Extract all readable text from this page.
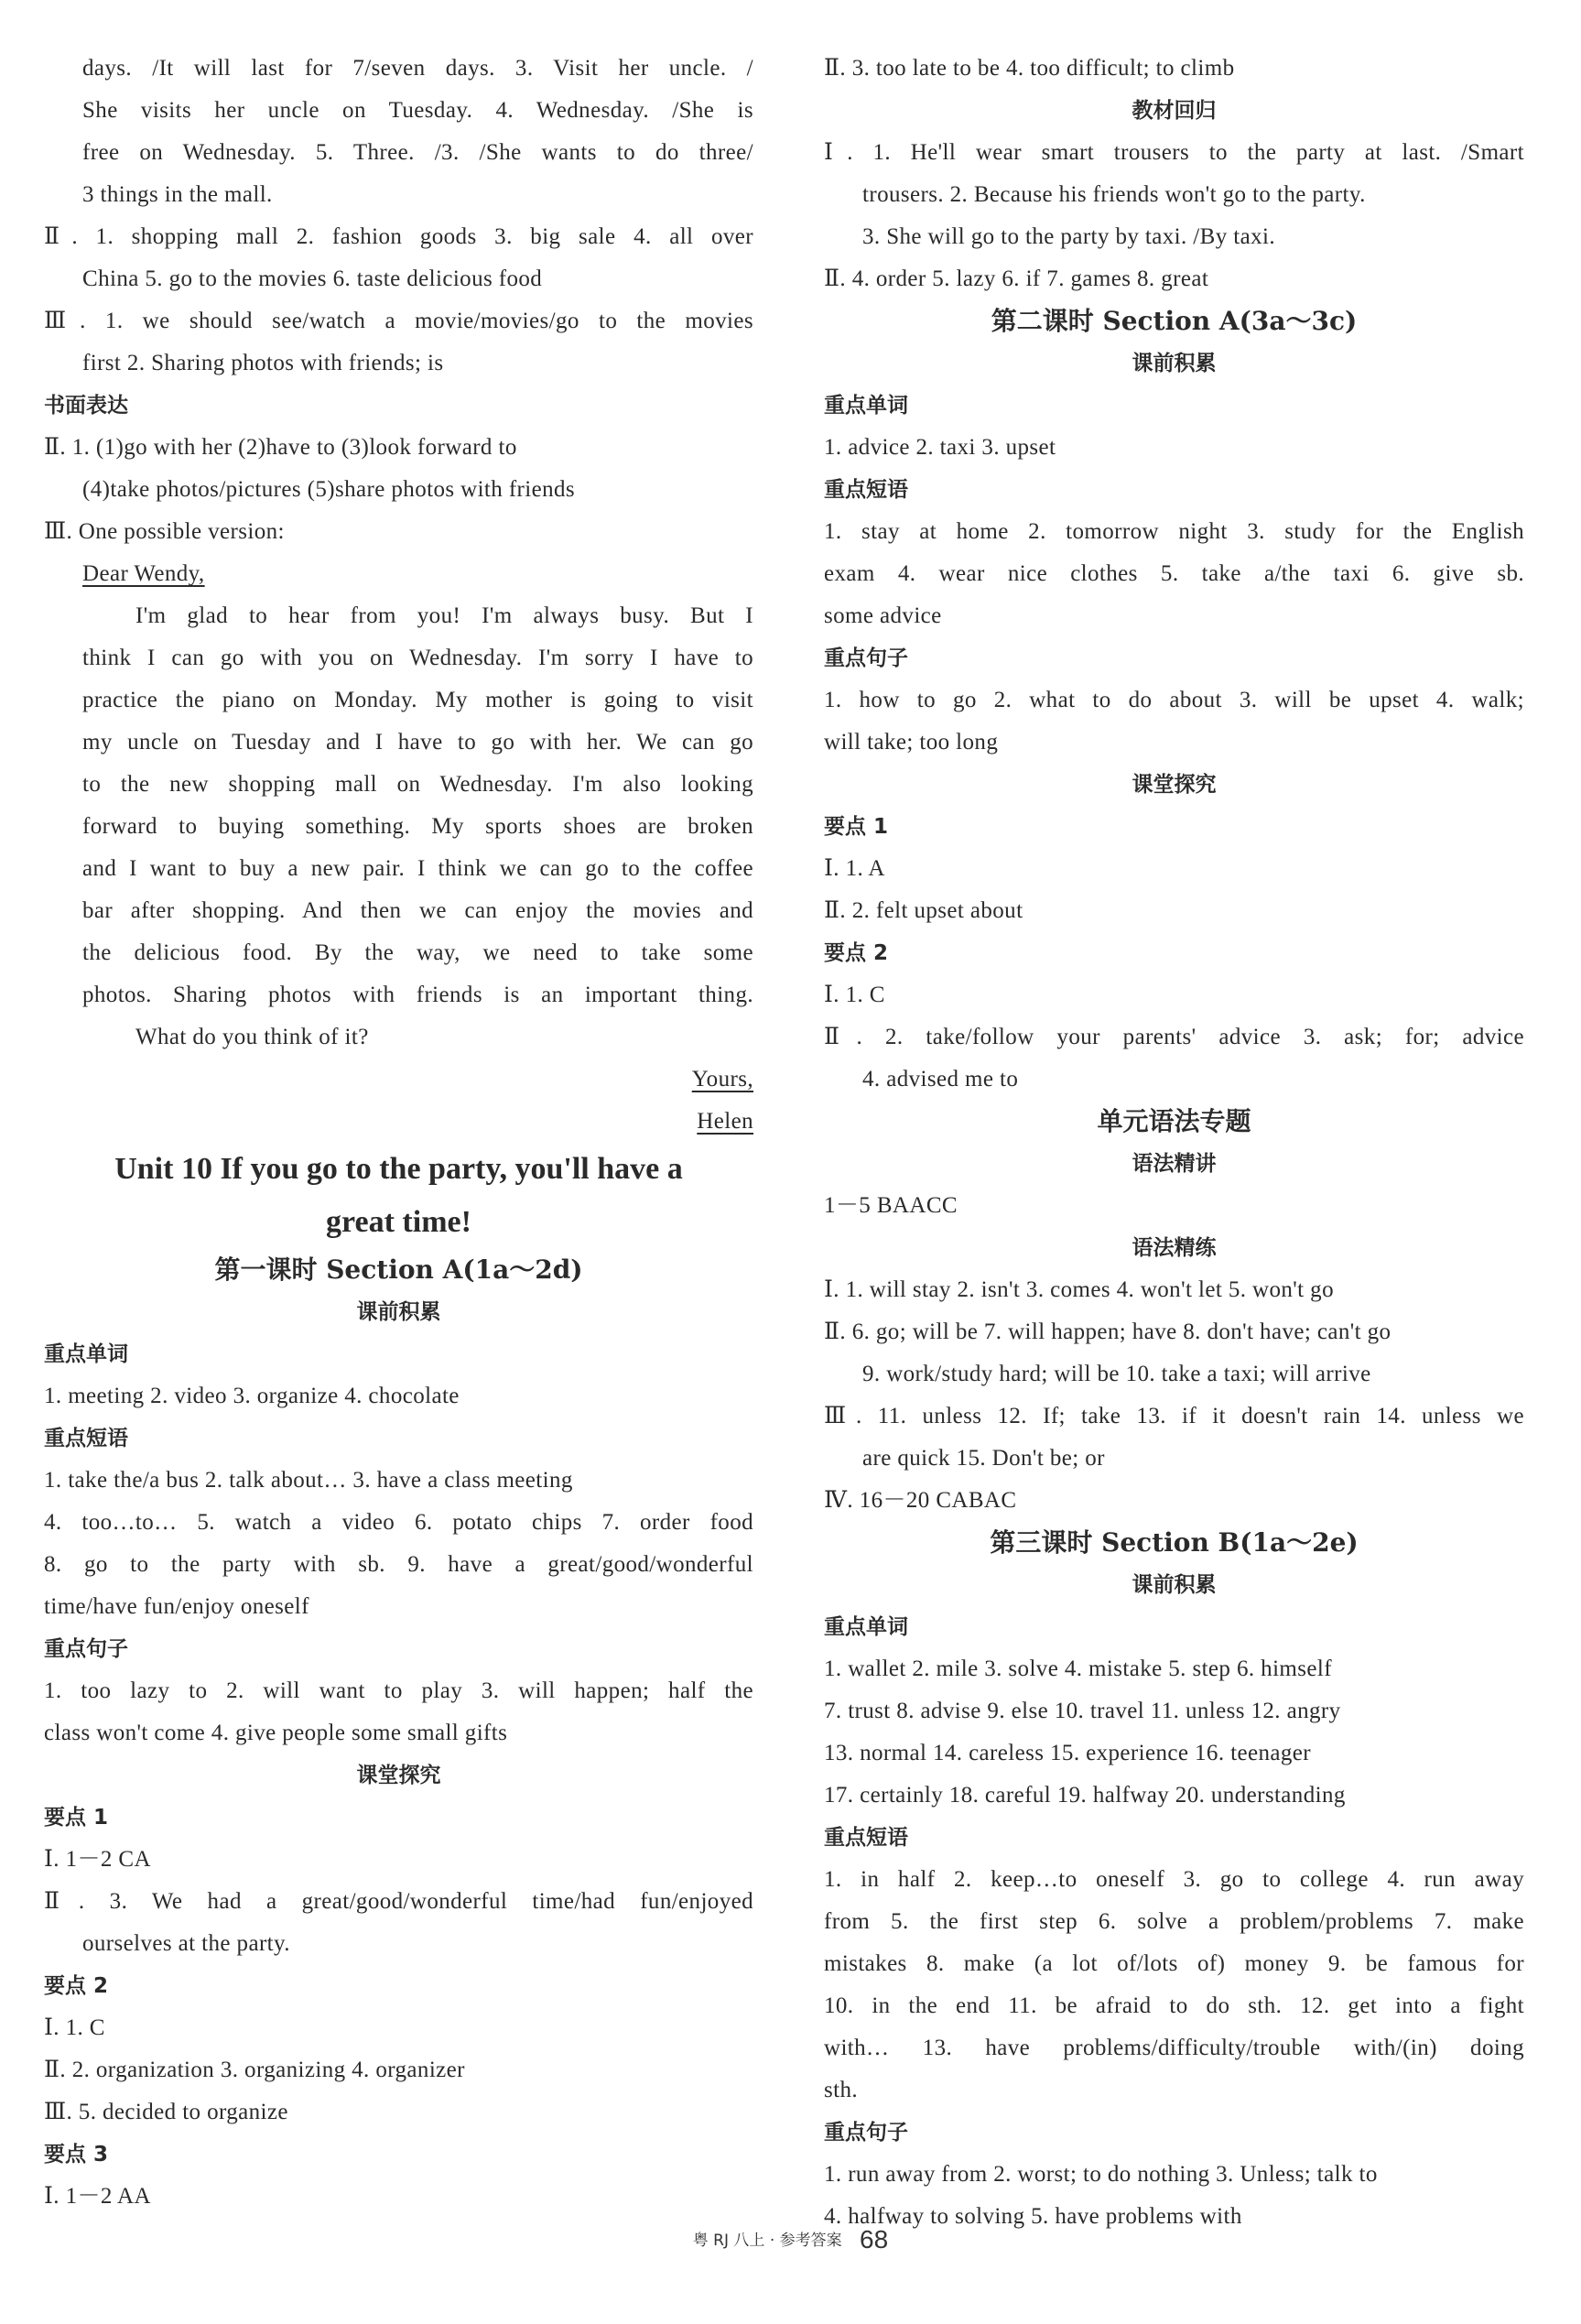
days. /It will last for 7/seven days. 3. Visit her uncle. /
She visits her uncle on Tuesday. 4. Wednesday. /She is
free on Wednesday. 5. Three. /3. /She wants to do three/
3 things in the mall.
Ⅱ. 1. shopping mall 2. fashion goods 3. big sale 4. all over
China 5. go to the movies 6. taste delicious food
Ⅲ. 1. we should see/watch a movie/movies/go to the movies
first 2. Sharing photos with friends; is
书面表达
Ⅱ. 1. (1)go with her (2)have to (3)look forward to
(4)take photos/pictures (5)share photos with friends
Ⅲ. One possible version:
Dear Wendy,
I'm glad to hear from you! I'm always busy. But I
think I can go with you on Wednesday. I'm sorry I have to
practice the piano on Monday. My mother is going to visit
my uncle on Tuesday and I have to go with her. We can go
to the new shopping mall on Wednesday. I'm also looking
forward to buying something. My sports shoes are broken
and I want to buy a new pair. I think we can go to the coffee
bar after shopping. And then we can enjoy the movies and
the delicious food. By the way, we need to take some
photos. Sharing photos with friends is an important thing.
What do you think of it?
Yours,
Helen
Unit 10 If you go to the party, you'll have a
great time!
第一课时 Section A(1a～2d)
课前积累
重点单词
1. meeting 2. video 3. organize 4. chocolate
重点短语
1. take the/a bus 2. talk about… 3. have a class meeting
4. too…to… 5. watch a video 6. potato chips 7. order food
8. go to the party with sb. 9. have a great/good/wonderful
time/have fun/enjoy oneself
重点句子
1. too lazy to 2. will want to play 3. will happen; half the
class won't come 4. give people some small gifts
课堂探究
要点 1
Ⅰ. 1－2 CA
Ⅱ. 3. We had a great/good/wonderful time/had fun/enjoyed
ourselves at the party.
要点 2
Ⅰ. 1. C
Ⅱ. 2. organization 3. organizing 4. organizer
Ⅲ. 5. decided to organize
要点 3
Ⅰ. 1－2 AA
Ⅱ. 3. too late to be 4. too difficult; to climb
教材回归
Ⅰ. 1. He'll wear smart trousers to the party at last. /Smart
trousers. 2. Because his friends won't go to the party.
3. She will go to the party by taxi. /By taxi.
Ⅱ. 4. order 5. lazy 6. if 7. games 8. great
第二课时 Section A(3a～3c)
课前积累
重点单词
1. advice 2. taxi 3. upset
重点短语
1. stay at home 2. tomorrow night 3. study for the English
exam 4. wear nice clothes 5. take a/the taxi 6. give sb.
some advice
重点句子
1. how to go 2. what to do about 3. will be upset 4. walk;
will take; too long
课堂探究
要点 1
Ⅰ. 1. A
Ⅱ. 2. felt upset about
要点 2
Ⅰ. 1. C
Ⅱ. 2. take/follow your parents' advice 3. ask; for; advice
4. advised me to
单元语法专题
语法精讲
1－5 BAACC
语法精练
Ⅰ. 1. will stay 2. isn't 3. comes 4. won't let 5. won't go
Ⅱ. 6. go; will be 7. will happen; have 8. don't have; can't go
9. work/study hard; will be 10. take a taxi; will arrive
Ⅲ. 11. unless 12. If; take 13. if it doesn't rain 14. unless we
are quick 15. Don't be; or
Ⅳ. 16－20 CABAC
第三课时 Section B(1a～2e)
课前积累
重点单词
1. wallet 2. mile 3. solve 4. mistake 5. step 6. himself
7. trust 8. advise 9. else 10. travel 11. unless 12. angry
13. normal 14. careless 15. experience 16. teenager
17. certainly 18. careful 19. halfway 20. understanding
重点短语
1. in half 2. keep…to oneself 3. go to college 4. run away
from 5. the first step 6. solve a problem/problems 7. make
mistakes 8. make (a lot of/lots of) money 9. be famous for
10. in the end 11. be afraid to do sth. 12. get into a fight
with… 13. have problems/difficulty/trouble with/(in) doing
sth.
重点句子
1. run away from 2. worst; to do nothing 3. Unless; talk to
4. halfway to solving 5. have problems with
粤 RJ 八上 · 参考答案 68
